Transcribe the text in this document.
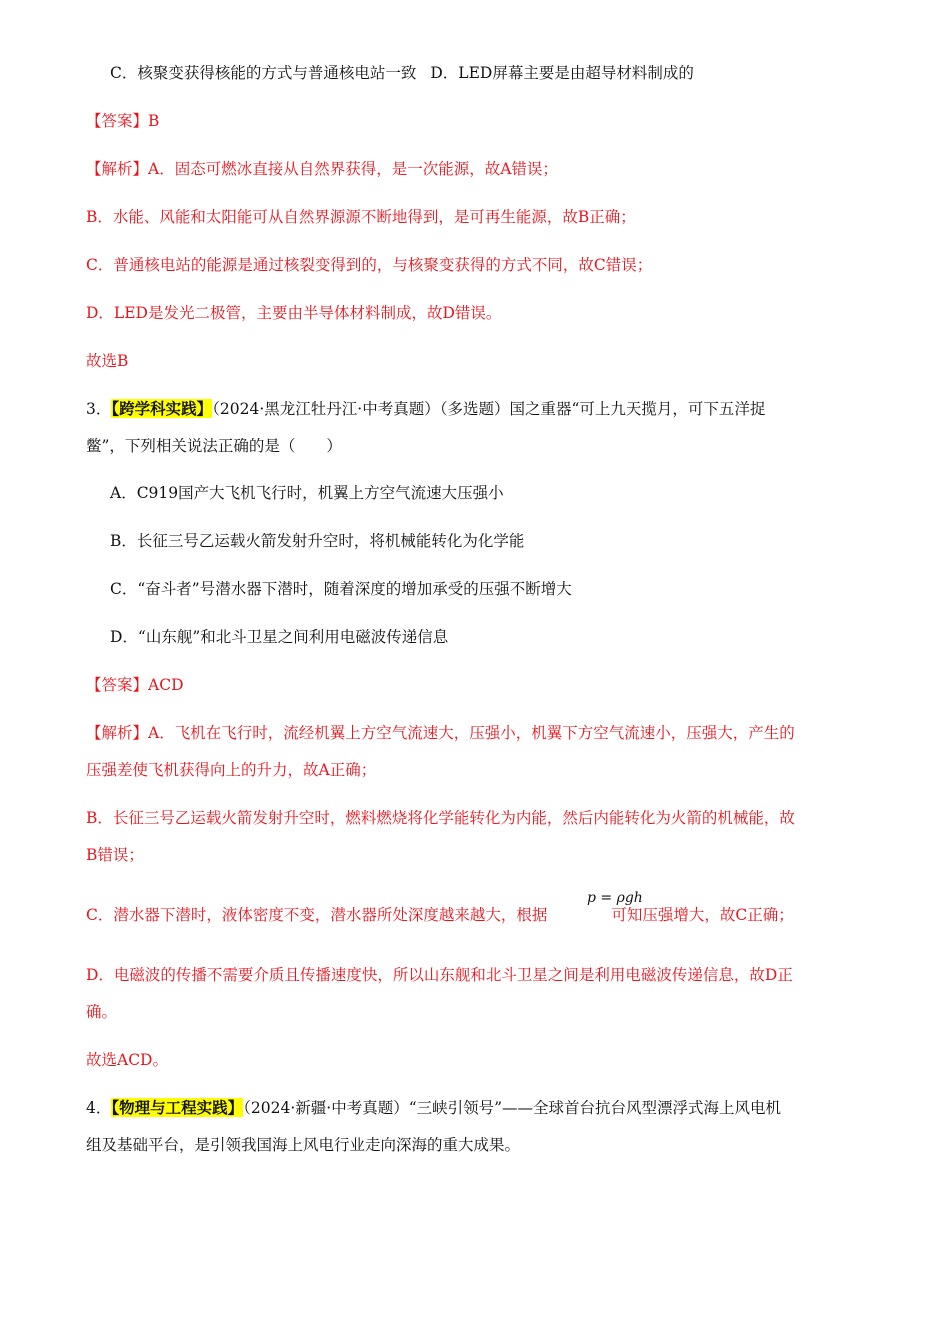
C．核聚变获得核能的方式与普通核电站一致 D．LED屏幕主要是由超导材料制成的
【答案】B
【解析】A．固态可燃冰直接从自然界获得，是一次能源，故A错误；
B．水能、风能和太阳能可从自然界源源不断地得到，是可再生能源，故B正确；
C．普通核电站的能源是通过核裂变得到的，与核聚变获得的方式不同，故C错误；
D．LED是发光二极管，主要由半导体材料制成，故D错误。
故选B
3．【跨学科实践】（2024·黑龙江牡丹江·中考真题）（多选题）国之重器“可上九天揽月，可下五洋捉
鳖”，下列相关说法正确的是（　　）
A．C919国产大飞机飞行时，机翼上方空气流速大压强小
B．长征三号乙运载火箭发射升空时，将机械能转化为化学能
C．“奋斗者”号潜水器下潜时，随着深度的增加承受的压强不断增大
D．“山东舰”和北斗卫星之间利用电磁波传递信息
【答案】ACD
【解析】A．飞机在飞行时，流经机翼上方空气流速大，压强小，机翼下方空气流速小，压强大，产生的
压强差使飞机获得向上的升力，故A正确；
B．长征三号乙运载火箭发射升空时，燃料燃烧将化学能转化为内能，然后内能转化为火箭的机械能，故
B错误；
p = ρgh
C．潜水器下潜时，液体密度不变，潜水器所处深度越来越大，根据	可知压强增大，故C正确；
D．电磁波的传播不需要介质且传播速度快，所以山东舰和北斗卫星之间是利用电磁波传递信息，故D正
确。
故选ACD。
4．【物理与工程实践】（2024·新疆·中考真题）“三峡引领号”——全球首台抗台风型漂浮式海上风电机
组及基础平台，是引领我国海上风电行业走向深海的重大成果。
